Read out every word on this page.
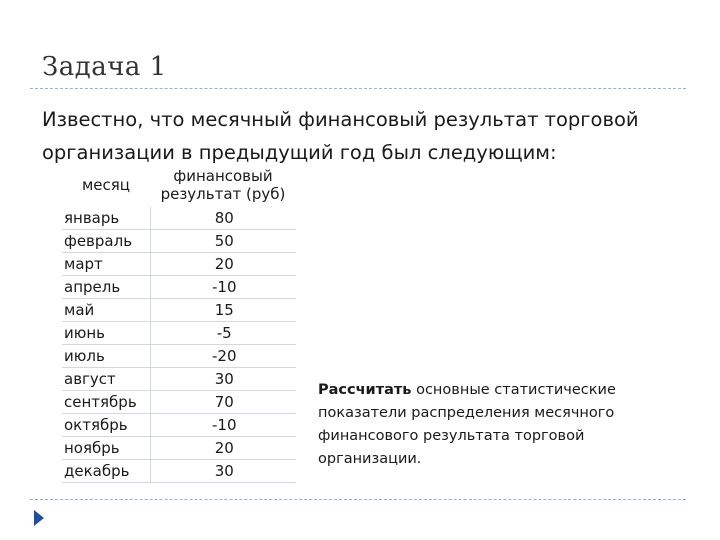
Задача 1
Известно, что месячный финансовый результат торговой организации в предыдущий год был следующим:
месяц	финансовый результат (руб)
январь	80
февраль	50
март	20
апрель	-10
май	15
июнь	-5
июль	-20
август	30
сентябрь	70
октябрь	-10
ноябрь	20
декабрь	30
Рассчитать основные статистические показатели распределения месячного финансового результата торговой организации.
